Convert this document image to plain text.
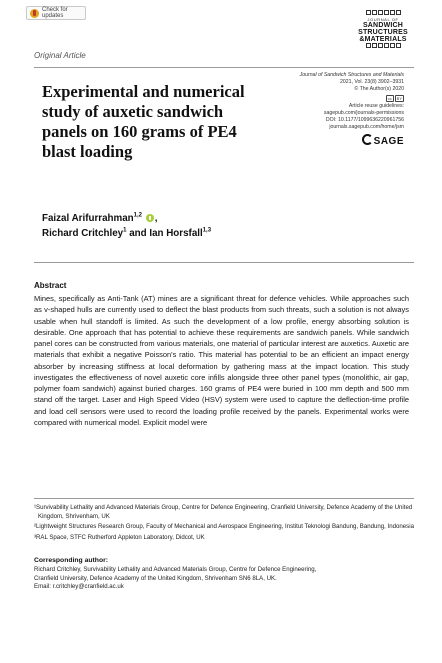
Check for updates
JOURNAL OF
SANDWICH
STRUCTURES
&MATERIALS
Original Article
Experimental and numerical study of auxetic sandwich panels on 160 grams of PE4 blast loading
Journal of Sandwich Structures and Materials
2021, Vol. 23(8) 3902–3931
© The Author(s) 2020
cc	BY
Article reuse guidelines:
sagepub.com/journals-permissions
DOI: 10.1177/1099636220961756
journals.sagepub.com/home/jsm
SAGE
Faizal Arifurrahman$^{1,2}$ ,
Richard Critchley$^1$ and Ian Horsfall$^{1,3}$
Abstract

Mines, specifically as Anti-Tank (AT) mines are a significant threat for defence vehicles. While approaches such as v-shaped hulls are currently used to deflect the blast products from such threats, such a solution is not always usable when hull standoff is limited. As such the development of a low profile, energy absorbing solution is desirable. One approach that has potential to achieve these requirements are sandwich panels. While sandwich panel cores can be constructed from various materials, one material of particular interest are auxetics. Auxetic are materials that exhibit a negative Poisson's ratio. This material has potential to be an efficient an impact energy absorber by increasing stiffness at local deformation by gathering mass at the impact location. This study investigates the effectiveness of novel auxetic core infills alongside three other panel types (monolithic, air gap, polymer foam sandwich) against buried charges. 160 grams of PE4 were buried in 100 mm depth and 500 mm stand off the target. Laser and High Speed Video (HSV) system were used to capture the deflection-time profile and load cell sensors were used to record the loading profile received by the panels. Experimental works were compared with numerical model. Explicit model were

¹Survivability Lethality and Advanced Materials Group, Centre for Defence Engineering, Cranfield University, Defence Academy of the United Kingdom, Shrivenham, UK

²Lightweight Structures Research Group, Faculty of Mechanical and Aerospace Engineering, Institut Teknologi Bandung, Bandung, Indonesia

³RAL Space, STFC Rutherford Appleton Laboratory, Didcot, UK

Corresponding author:
Richard Critchley, Survivability Lethality and Advanced Materials Group, Centre for Defence Engineering,
Cranfield University, Defence Academy of the United Kingdom, Shrivenham SN6 8LA, UK.
Email: r.critchley@cranfield.ac.uk
